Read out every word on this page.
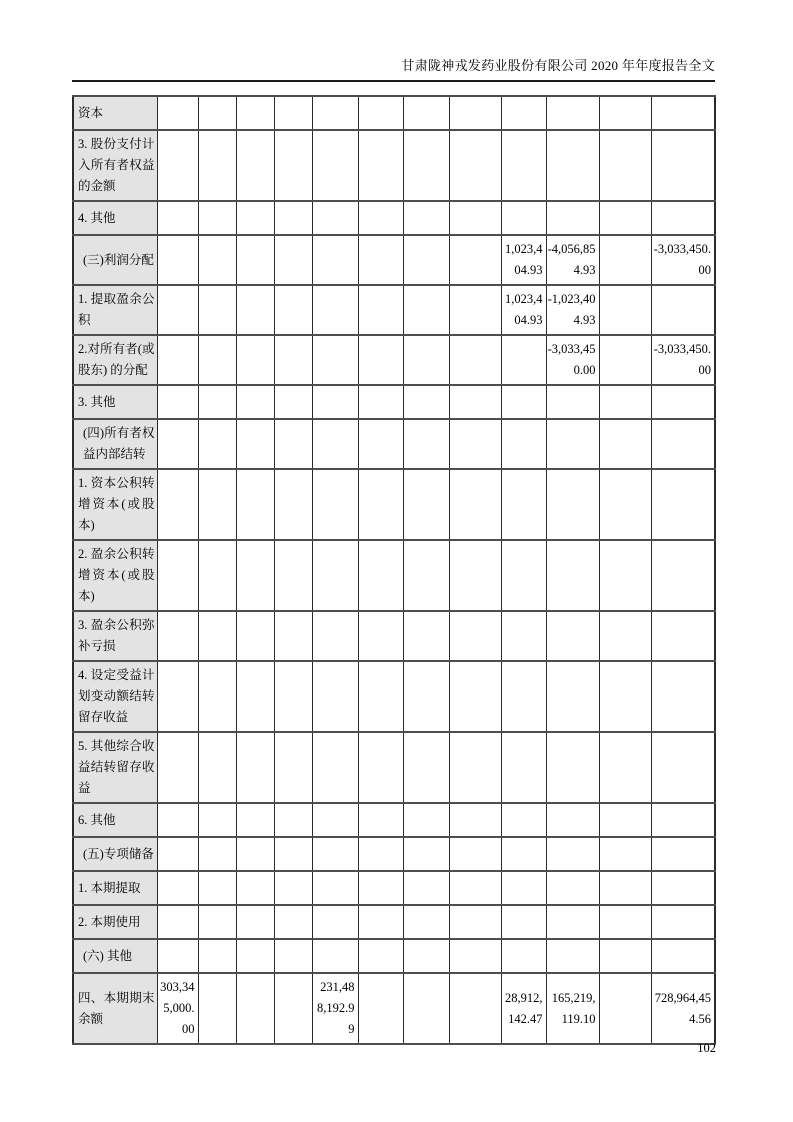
甘肃陇神戎发药业股份有限公司 2020 年年度报告全文
资本												
3. 股份支付计入所有者权益的金额												
4. 其他												
(三)利润分配									1,023,404.93	-4,056,854.93		-3,033,450.00
1. 提取盈余公积									1,023,404.93	-1,023,404.93		
2.对所有者(或股东) 的分配										-3,033,450.00		-3,033,450.00
3. 其他												
(四)所有者权益内部结转												
1. 资本公积转增资本(或股本)												
2. 盈余公积转增资本(或股本)												
3. 盈余公积弥补亏损												
4. 设定受益计划变动额结转留存收益												
5. 其他综合收益结转留存收益												
6. 其他												
(五)专项储备												
1. 本期提取												
2. 本期使用												
(六) 其他												
四、本期期末余额	303,345,000.00				231,488,192.99				28,912,142.47	165,219,119.10		728,964,454.56
102
